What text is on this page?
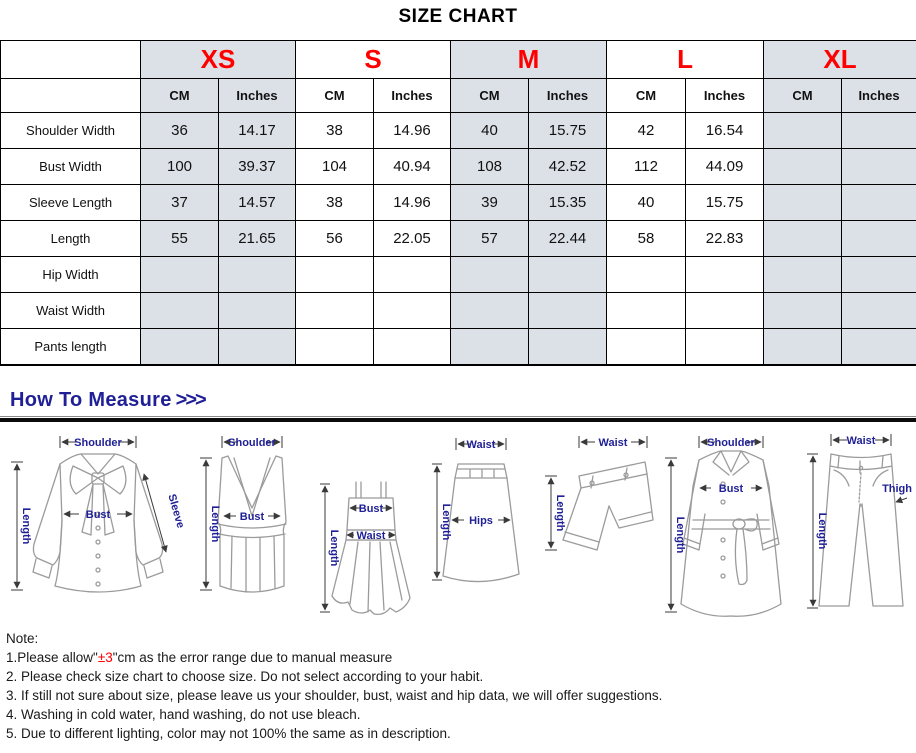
SIZE CHART
	XS		S		M		L		XL	
	CM	Inches	CM	Inches	CM	Inches	CM	Inches	CM	Inches
Shoulder Width	36	14.17	38	14.96	40	15.75	42	16.54		
Bust Width	100	39.37	104	40.94	108	42.52	112	44.09		
Sleeve Length	37	14.57	38	14.96	39	15.35	40	15.75		
Length	55	21.65	56	22.05	57	22.44	58	22.83		
Hip Width										
Waist Width										
Pants length										
How To Measure >>>
Shoulder
Length	Bust	Sleeve
Shoulder
Length Bust
Length
Bust
Waist
Waist
Hips
Length
Waist
Length
Shoulder
Bust
Length
Waist
Thigh
Length
Note:
1.Please allow"±3"cm as the error range due to manual measure
2. Please check size chart to choose size. Do not select according to your habit.
3. If still not sure about size, please leave us your shoulder, bust, waist and hip data, we will offer suggestions.
4. Washing in cold water, hand washing, do not use bleach.
5. Due to different lighting, color may not 100% the same as in description.
